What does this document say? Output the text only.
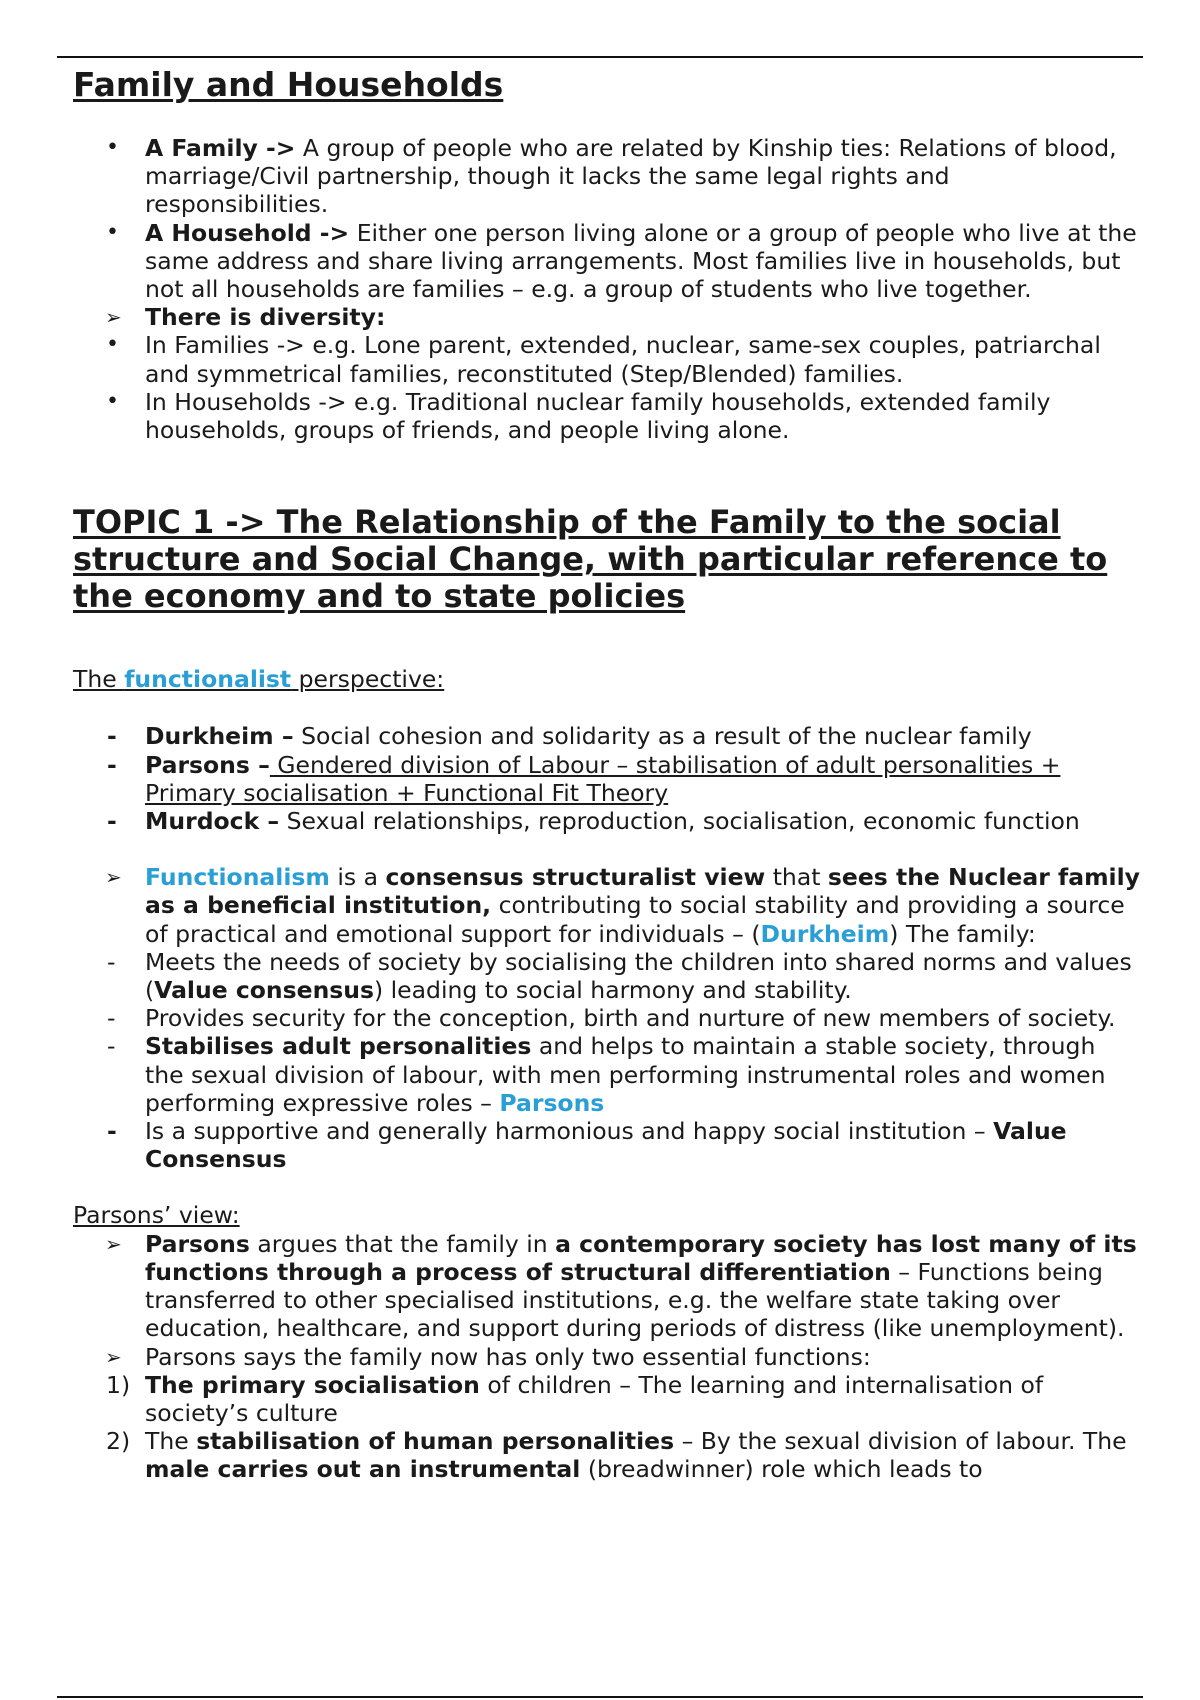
Family and Households
•	A Family -> A group of people who are related by Kinship ties: Relations of blood, marriage/Civil partnership, though it lacks the same legal rights and responsibilities.
•	A Household -> Either one person living alone or a group of people who live at the same address and share living arrangements. Most families live in households, but not all households are families – e.g. a group of students who live together.
➢ There is diversity:
•	In Families -> e.g. Lone parent, extended, nuclear, same-sex couples, patriarchal and symmetrical families, reconstituted (Step/Blended) families.
•	In Households -> e.g. Traditional nuclear family households, extended family households, groups of friends, and people living alone.
TOPIC 1 -> The Relationship of the Family to the social structure and Social Change, with particular reference to the economy and to state policies
The functionalist perspective:
-	Durkheim – Social cohesion and solidarity as a result of the nuclear family
-	Parsons – Gendered division of Labour – stabilisation of adult personalities + Primary socialisation + Functional Fit Theory
-	Murdock – Sexual relationships, reproduction, socialisation, economic function
➢ Functionalism is a consensus structuralist view that sees the Nuclear family as a beneficial institution, contributing to social stability and providing a source of practical and emotional support for individuals – (Durkheim) The family:
-	Meets the needs of society by socialising the children into shared norms and values (Value consensus) leading to social harmony and stability.
-	Provides security for the conception, birth and nurture of new members of society.
-	Stabilises adult personalities and helps to maintain a stable society, through the sexual division of labour, with men performing instrumental roles and women performing expressive roles – Parsons
-	Is a supportive and generally harmonious and happy social institution – Value Consensus
Parsons’ view:
➢ Parsons argues that the family in a contemporary society has lost many of its functions through a process of structural differentiation – Functions being transferred to other specialised institutions, e.g. the welfare state taking over education, healthcare, and support during periods of distress (like unemployment).
➢ Parsons says the family now has only two essential functions:
1) The primary socialisation of children – The learning and internalisation of society’s culture
2) The stabilisation of human personalities – By the sexual division of labour. The male carries out an instrumental (breadwinner) role which leads to
